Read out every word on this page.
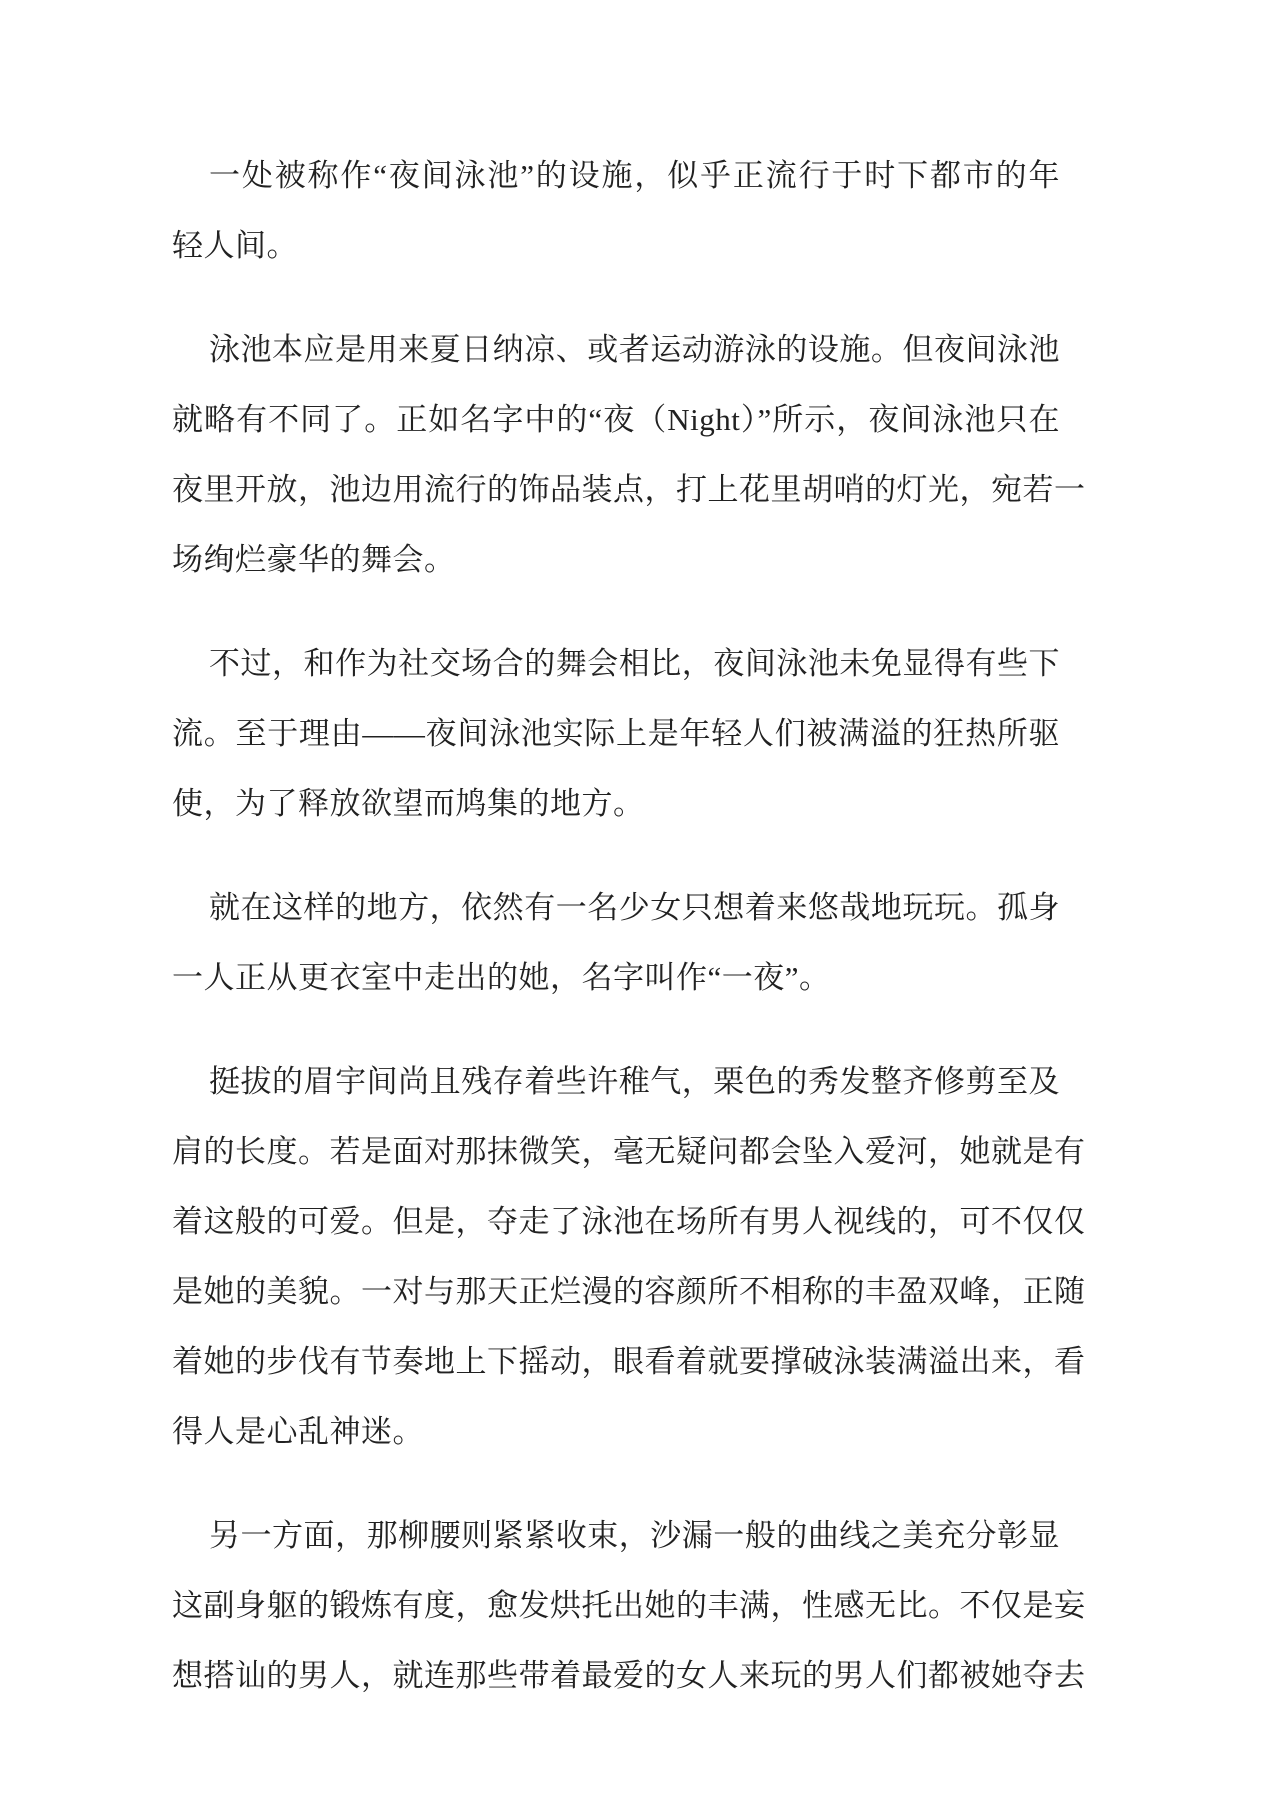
一处被称作“夜间泳池”的设施，似乎正流行于时下都市的年
轻人间。
泳池本应是用来夏日纳凉、或者运动游泳的设施。但夜间泳池
就略有不同了。正如名字中的“夜（Night）”所示，夜间泳池只在
夜里开放，池边用流行的饰品装点，打上花里胡哨的灯光，宛若一
场绚烂豪华的舞会。
不过，和作为社交场合的舞会相比，夜间泳池未免显得有些下
流。至于理由——夜间泳池实际上是年轻人们被满溢的狂热所驱
使，为了释放欲望而鸠集的地方。
就在这样的地方，依然有一名少女只想着来悠哉地玩玩。孤身
一人正从更衣室中走出的她，名字叫作“一夜”。
挺拔的眉宇间尚且残存着些许稚气，栗色的秀发整齐修剪至及
肩的长度。若是面对那抹微笑，毫无疑问都会坠入爱河，她就是有
着这般的可爱。但是，夺走了泳池在场所有男人视线的，可不仅仅
是她的美貌。一对与那天正烂漫的容颜所不相称的丰盈双峰，正随
着她的步伐有节奏地上下摇动，眼看着就要撑破泳装满溢出来，看
得人是心乱神迷。
另一方面，那柳腰则紧紧收束，沙漏一般的曲线之美充分彰显
这副身躯的锻炼有度，愈发烘托出她的丰满，性感无比。不仅是妄
想搭讪的男人，就连那些带着最爱的女人来玩的男人们都被她夺去
